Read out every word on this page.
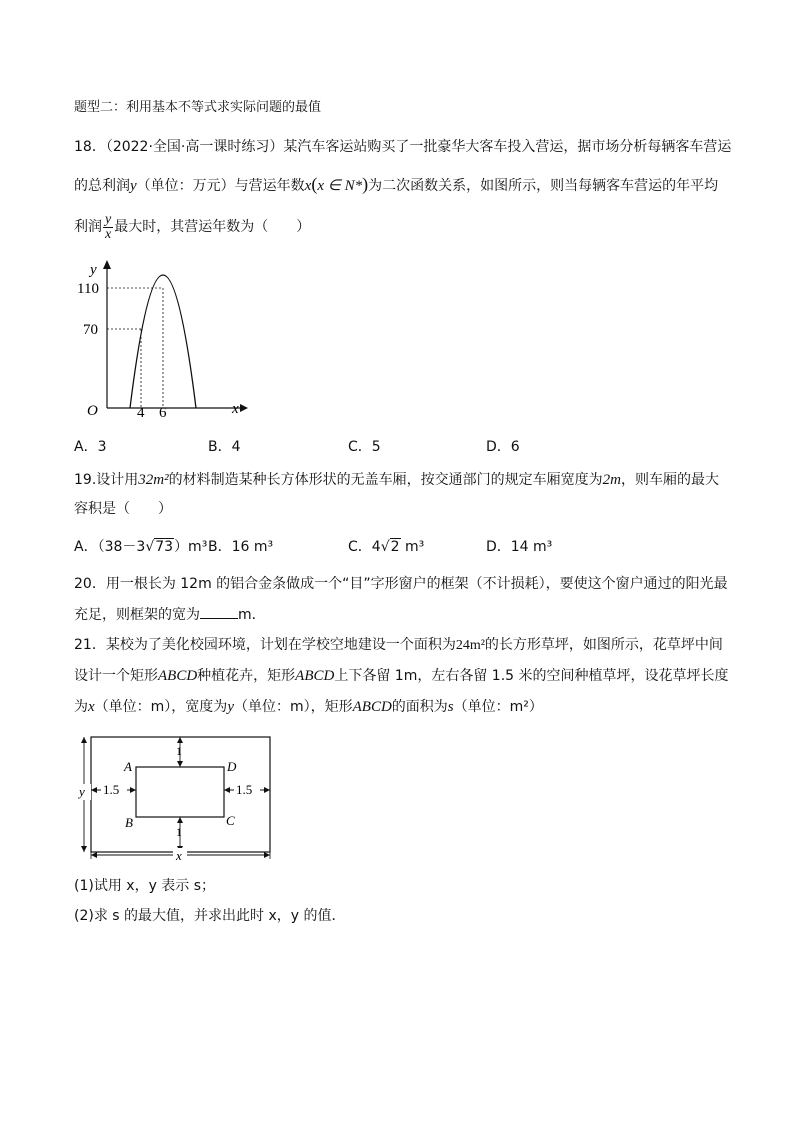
题型二：利用基本不等式求实际问题的最值
18．（2022·全国·高一课时练习）某汽车客运站购买了一批豪华大客车投入营运，据市场分析每辆客车营运
的总利润y（单位：万元）与营运年数x(x ∈ N*)为二次函数关系，如图所示，则当每辆客车营运的年平均
利润 $\frac{y}{x}$ 最大时，其营运年数为（　　）
y
x
O
110
70
4 6
A．3	B．4	C．5	D．6
19.设计用32m²的材料制造某种长方体形状的无盖车厢，按交通部门的规定车厢宽度为2m，则车厢的最大
容积是（　　）
A．（38－3√73）m³ B．16 m³	C．4√2 m³	D．14 m³
20．用一根长为 12m 的铝合金条做成一个“目”字形窗户的框架（不计损耗），要使这个窗户通过的阳光最
充足，则框架的宽为	m．
21．某校为了美化校园环境，计划在学校空地建设一个面积为24m²的长方形草坪，如图所示，花草坪中间
设计一个矩形ABCD种植花卉，矩形ABCD上下各留 1m，左右各留 1.5 米的空间种植草坪，设花草坪长度
为x（单位：m），宽度为y（单位：m），矩形ABCD的面积为s（单位：m²）
1
1
1.5	1.5
y
x
A	D
B	C
(1)试用 x，y 表示 s；
(2)求 s 的最大值，并求出此时 x，y 的值．
